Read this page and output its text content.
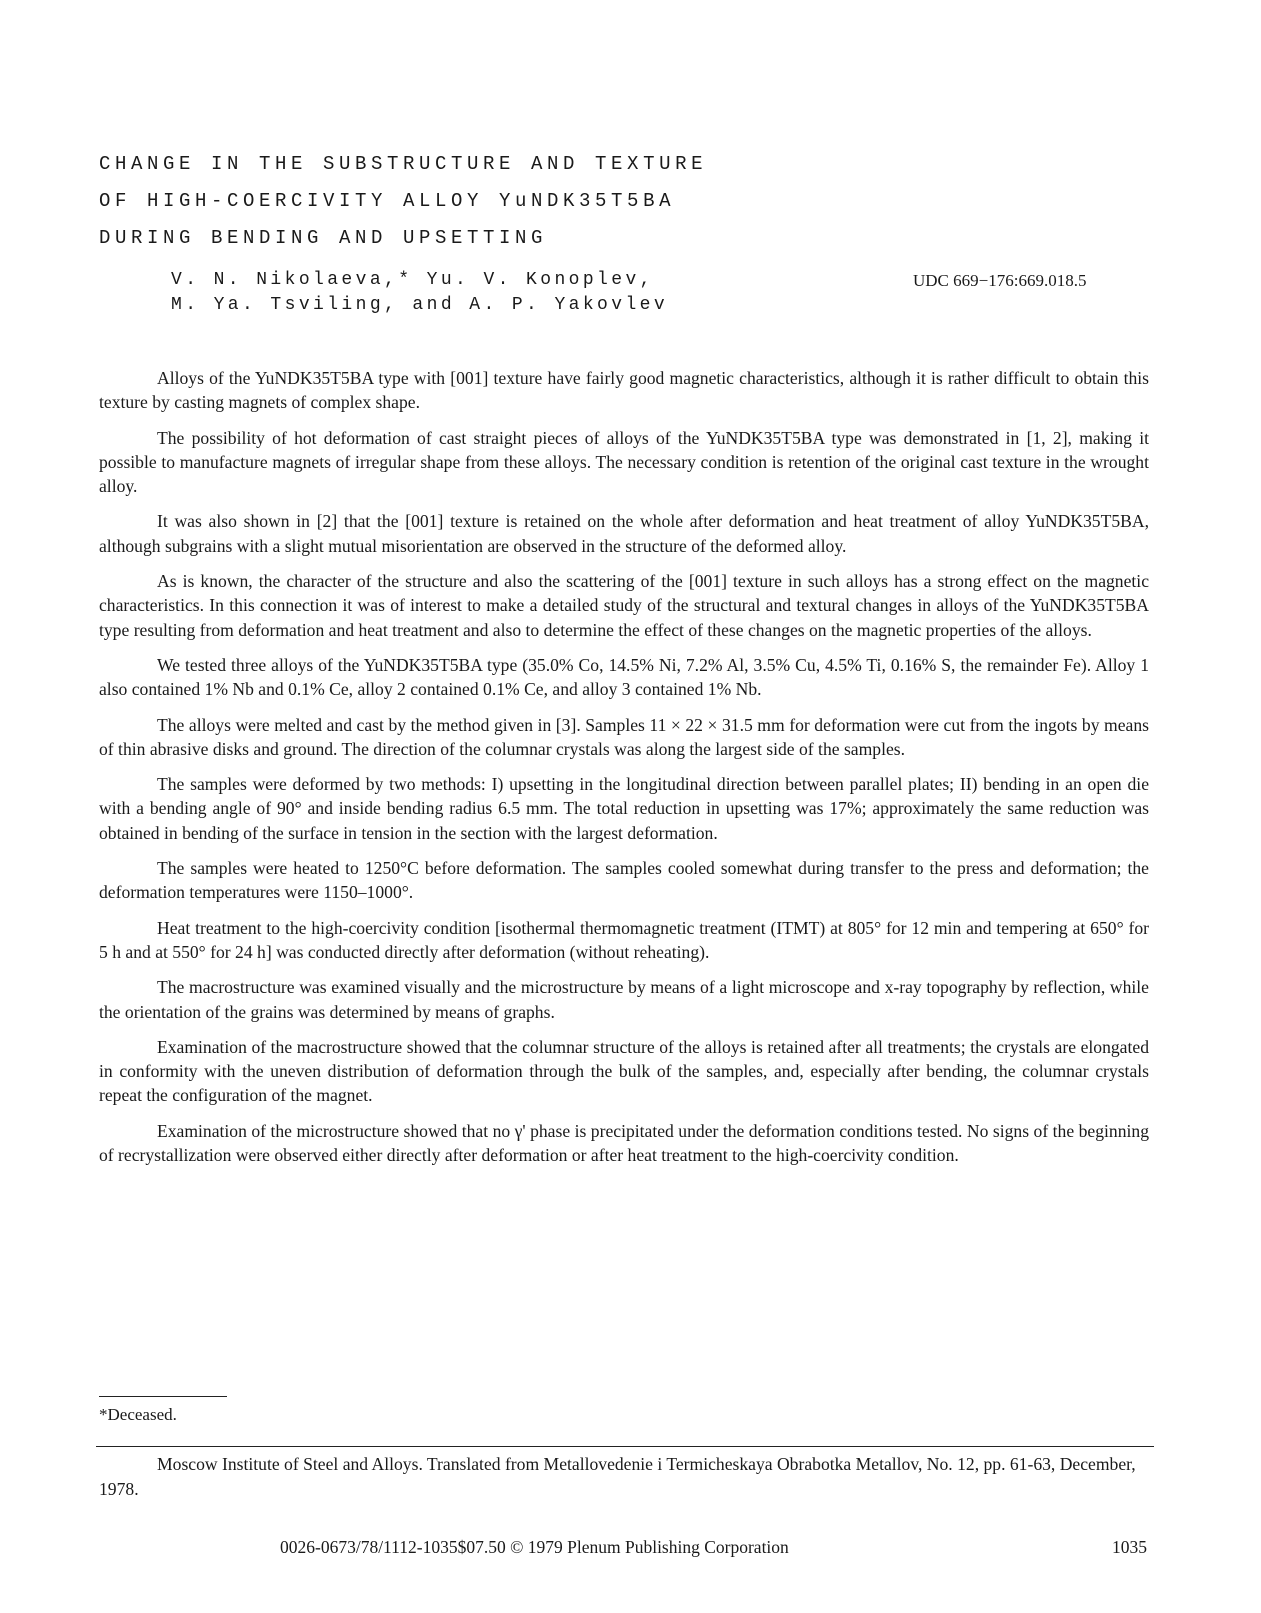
CHANGE IN THE SUBSTRUCTURE AND TEXTURE
OF HIGH-COERCIVITY ALLOY YuNDK35T5BA
DURING BENDING AND UPSETTING
V. N. Nikolaeva,* Yu. V. Konoplev,
M. Ya. Tsviling, and A. P. Yakovlev
UDC 669−176:669.018.5

Alloys of the YuNDK35T5BA type with [001] texture have fairly good magnetic characteristics, although it is rather difficult to obtain this texture by casting magnets of complex shape.

The possibility of hot deformation of cast straight pieces of alloys of the YuNDK35T5BA type was demonstrated in [1, 2], making it possible to manufacture magnets of irregular shape from these alloys. The necessary condition is retention of the original cast texture in the wrought alloy.

It was also shown in [2] that the [001] texture is retained on the whole after deformation and heat treatment of alloy YuNDK35T5BA, although subgrains with a slight mutual misorientation are observed in the structure of the deformed alloy.

As is known, the character of the structure and also the scattering of the [001] texture in such alloys has a strong effect on the magnetic characteristics. In this connection it was of interest to make a detailed study of the structural and textural changes in alloys of the YuNDK35T5BA type resulting from deformation and heat treatment and also to determine the effect of these changes on the magnetic properties of the alloys.

We tested three alloys of the YuNDK35T5BA type (35.0% Co, 14.5% Ni, 7.2% Al, 3.5% Cu, 4.5% Ti, 0.16% S, the remainder Fe). Alloy 1 also contained 1% Nb and 0.1% Ce, alloy 2 contained 0.1% Ce, and alloy 3 contained 1% Nb.

The alloys were melted and cast by the method given in [3]. Samples 11 × 22 × 31.5 mm for deformation were cut from the ingots by means of thin abrasive disks and ground. The direction of the columnar crystals was along the largest side of the samples.

The samples were deformed by two methods: I) upsetting in the longitudinal direction between parallel plates; II) bending in an open die with a bending angle of 90° and inside bending radius 6.5 mm. The total reduction in upsetting was 17%; approximately the same reduction was obtained in bending of the surface in tension in the section with the largest deformation.

The samples were heated to 1250°C before deformation. The samples cooled somewhat during transfer to the press and deformation; the deformation temperatures were 1150–1000°.

Heat treatment to the high-coercivity condition [isothermal thermomagnetic treatment (ITMT) at 805° for 12 min and tempering at 650° for 5 h and at 550° for 24 h] was conducted directly after deformation (without reheating).

The macrostructure was examined visually and the microstructure by means of a light microscope and x-ray topography by reflection, while the orientation of the grains was determined by means of graphs.

Examination of the macrostructure showed that the columnar structure of the alloys is retained after all treatments; the crystals are elongated in conformity with the uneven distribution of deformation through the bulk of the samples, and, especially after bending, the columnar crystals repeat the configuration of the magnet.

Examination of the microstructure showed that no γ' phase is precipitated under the deformation conditions tested. No signs of the beginning of recrystallization were observed either directly after deformation or after heat treatment to the high-coercivity condition.

*Deceased.

Moscow Institute of Steel and Alloys. Translated from Metallovedenie i Termicheskaya Obrabotka Metallov, No. 12, pp. 61-63, December, 1978.

0026-0673/78/1112-1035$07.50 © 1979 Plenum Publishing Corporation	1035
